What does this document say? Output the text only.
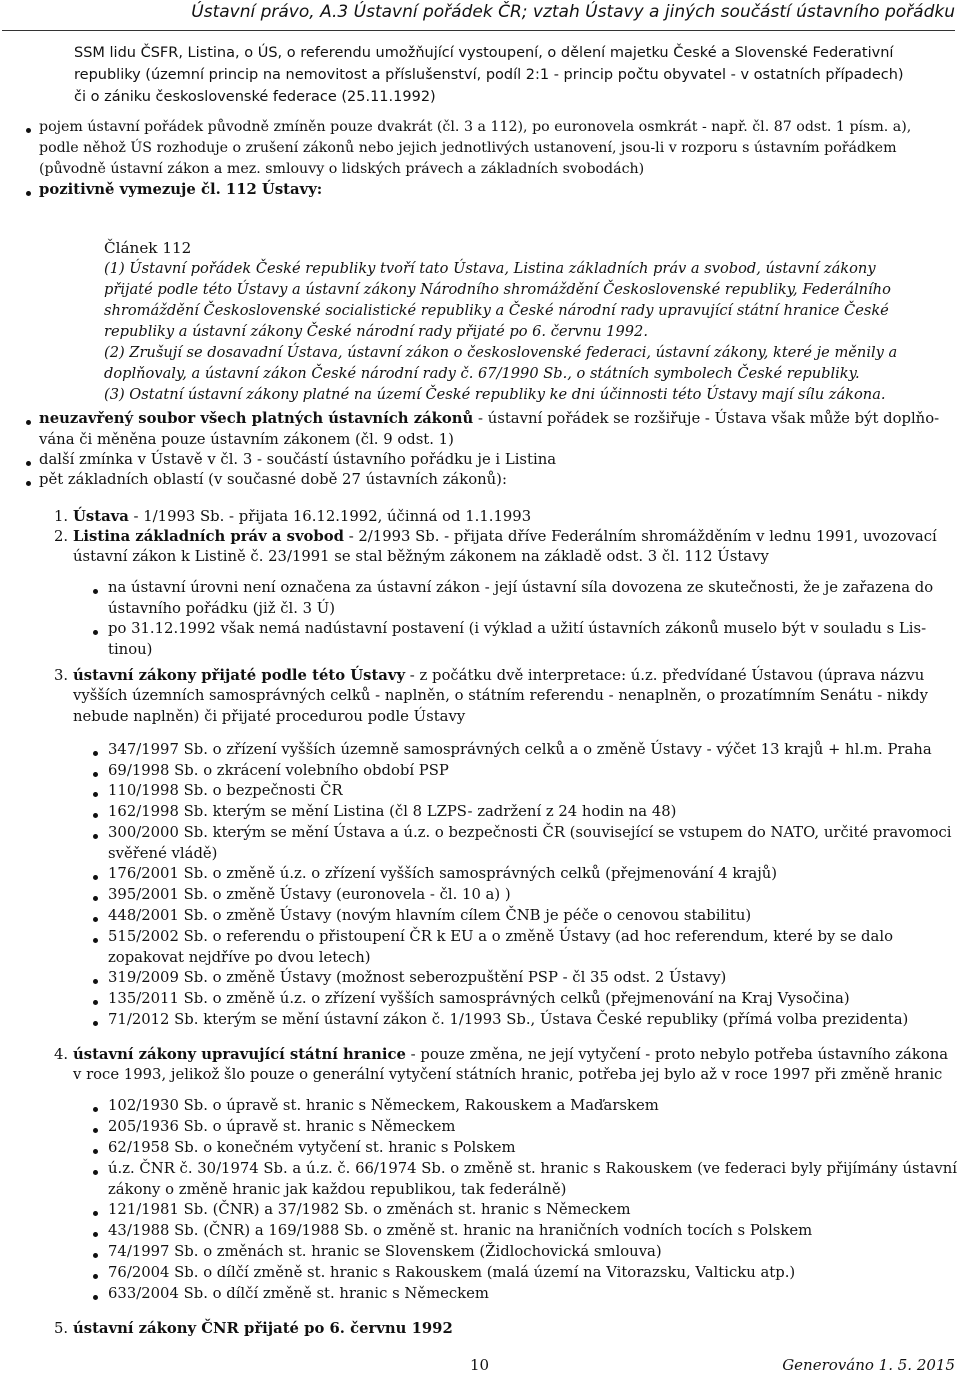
Ústavní právo, A.3 Ústavní pořádek ČR; vztah Ústavy a jiných součástí ústavního pořádku
SSM lidu ČSFR, Listina, o ÚS, o referendu umožňující vystoupení, o dělení majetku České a Slovenské Federativní
republiky (územní princip na nemovitost a příslušenství, podíl 2:1 - princip počtu obyvatel - v ostatních případech)
či o zániku československé federace (25.11.1992)
pojem ústavní pořádek původně zmíněn pouze dvakrát (čl. 3 a 112), po euronovela osmkrát - např. čl. 87 odst. 1 písm. a),
podle něhož ÚS rozhoduje o zrušení zákonů nebo jejich jednotlivých ustanovení, jsou-li v rozporu s ústavním pořádkem
(původně ústavní zákon a mez. smlouvy o lidských právech a základních svobodách)
pozitivně vymezuje čl. 112 Ústavy:
Článek 112
(1) Ústavní pořádek České republiky tvoří tato Ústava, Listina základních práv a svobod, ústavní zákony
přijaté podle této Ústavy a ústavní zákony Národního shromáždění Československé republiky, Federálního
shromáždění Československé socialistické republiky a České národní rady upravující státní hranice České
republiky a ústavní zákony České národní rady přijaté po 6. červnu 1992.
(2) Zrušují se dosavadní Ústava, ústavní zákon o československé federaci, ústavní zákony, které je měnily a
doplňovaly, a ústavní zákon České národní rady č. 67/1990 Sb., o státních symbolech České republiky.
(3) Ostatní ústavní zákony platné na území České republiky ke dni účinnosti této Ústavy mají sílu zákona.
neuzavřený soubor všech platných ústavních zákonů - ústavní pořádek se rozšiřuje - Ústava však může být doplňo-
vána či měněna pouze ústavním zákonem (čl. 9 odst. 1)
další zmínka v Ústavě v čl. 3 - součástí ústavního pořádku je i Listina
pět základních oblastí (v současné době 27 ústavních zákonů):
1. Ústava - 1/1993 Sb. - přijata 16.12.1992, účinná od 1.1.1993
2. Listina základních práv a svobod - 2/1993 Sb. - přijata dříve Federálním shromážděním v lednu 1991, uvozovací
ústavní zákon k Listině č. 23/1991 se stal běžným zákonem na základě odst. 3 čl. 112 Ústavy
na ústavní úrovni není označena za ústavní zákon - její ústavní síla dovozena ze skutečnosti, že je zařazena do
ústavního pořádku (již čl. 3 Ú)
po 31.12.1992 však nemá nadústavní postavení (i výklad a užití ústavních zákonů muselo být v souladu s Lis-
tinou)
3. ústavní zákony přijaté podle této Ústavy - z počátku dvě interpretace: ú.z. předvídané Ústavou (úprava názvu
vyšších územních samosprávných celků - naplněn, o státním referendu - nenaplněn, o prozatímním Senátu - nikdy
nebude naplněn) či přijaté procedurou podle Ústavy
347/1997 Sb. o zřízení vyšších územně samosprávných celků a o změně Ústavy - výčet 13 krajů + hl.m. Praha
69/1998 Sb. o zkrácení volebního období PSP
110/1998 Sb. o bezpečnosti ČR
162/1998 Sb. kterým se mění Listina (čl 8 LZPS- zadržení z 24 hodin na 48)
300/2000 Sb. kterým se mění Ústava a ú.z. o bezpečnosti ČR (související se vstupem do NATO, určité pravomoci
svěřené vládě)
176/2001 Sb. o změně ú.z. o zřízení vyšších samosprávných celků (přejmenování 4 krajů)
395/2001 Sb. o změně Ústavy (euronovela - čl. 10 a) )
448/2001 Sb. o změně Ústavy (novým hlavním cílem ČNB je péče o cenovou stabilitu)
515/2002 Sb. o referendu o přistoupení ČR k EU a o změně Ústavy (ad hoc referendum, které by se dalo
zopakovat nejdříve po dvou letech)
319/2009 Sb. o změně Ústavy (možnost seberozpuštění PSP - čl 35 odst. 2 Ústavy)
135/2011 Sb. o změně ú.z. o zřízení vyšších samosprávných celků (přejmenování na Kraj Vysočina)
71/2012 Sb. kterým se mění ústavní zákon č. 1/1993 Sb., Ústava České republiky (přímá volba prezidenta)
4. ústavní zákony upravující státní hranice - pouze změna, ne její vytyčení - proto nebylo potřeba ústavního zákona
v roce 1993, jelikož šlo pouze o generální vytyčení státních hranic, potřeba jej bylo až v roce 1997 při změně hranic
102/1930 Sb. o úpravě st. hranic s Německem, Rakouskem a Maďarskem
205/1936 Sb. o úpravě st. hranic s Německem
62/1958 Sb. o konečném vytyčení st. hranic s Polskem
ú.z. ČNR č. 30/1974 Sb. a ú.z. č. 66/1974 Sb. o změně st. hranic s Rakouskem (ve federaci byly přijímány ústavní
zákony o změně hranic jak každou republikou, tak federálně)
121/1981 Sb. (ČNR) a 37/1982 Sb. o změnách st. hranic s Německem
43/1988 Sb. (ČNR) a 169/1988 Sb. o změně st. hranic na hraničních vodních tocích s Polskem
74/1997 Sb. o změnách st. hranic se Slovenskem (Židlochovická smlouva)
76/2004 Sb. o dílčí změně st. hranic s Rakouskem (malá území na Vitorazsku, Valticku atp.)
633/2004 Sb. o dílčí změně st. hranic s Německem
5. ústavní zákony ČNR přijaté po 6. červnu 1992
10	Generováno 1. 5. 2015
